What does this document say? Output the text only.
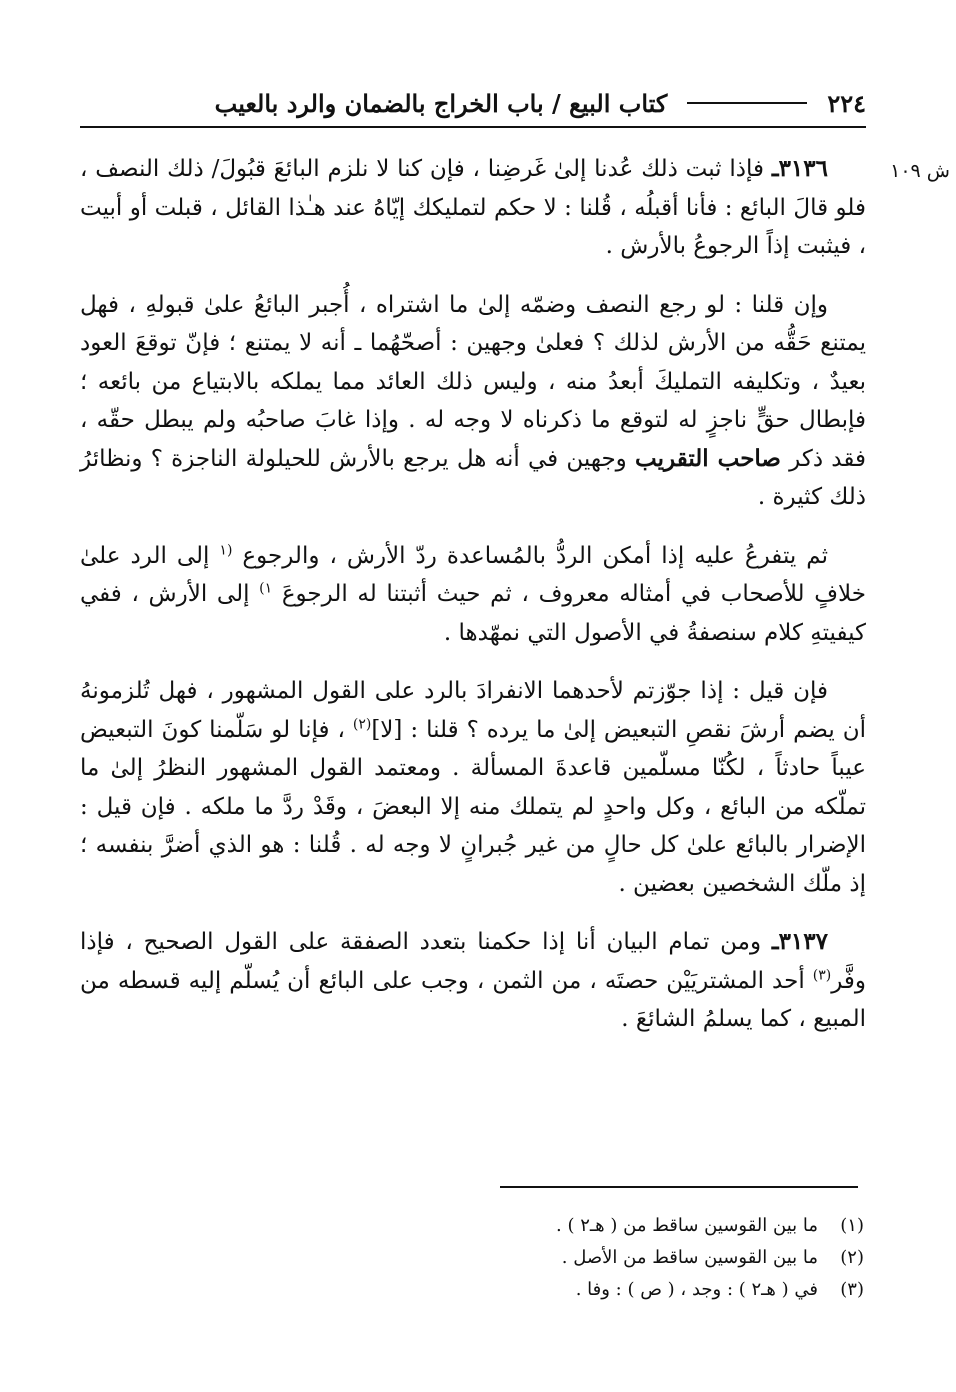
٢٢٤
كتاب البيع / باب الخراج بالضمان والرد بالعيب
ش ١٠٩

٣١٣٦ـ فإذا ثبت ذلك عُدنا إلىٰ غَرضِنا ، فإن كنا لا نلزم البائعَ قبُولَ/ ذلك النصف ، فلو قالَ البائع : فأنا أقبلُه ، قُلنا : لا حكم لتمليكك إيّاهُ عند هـٰذا القائل ، قبلت أو أبيت ، فيثبت إذاً الرجوعُ بالأرش .

وإن قلنا : لو رجع النصف وضمّه إلىٰ ما اشتراه ، أُجبر البائعُ علىٰ قبولهِ ، فهل يمتنع حَقُّه من الأرش لذلك ؟ فعلىٰ وجهين : أصحّهُما ـ أنه لا يمتنع ؛ فإنّ توقعَ العود بعيدٌ ، وتكليفه التمليكَ أبعدُ منه ، وليس ذلك العائد مما يملكه بالابتياع من بائعه ؛ فإبطال حقٍّ ناجزٍ له لتوقع ما ذكرناه لا وجه له . وإذا غابَ صاحبُه ولم يبطل حقّه ، فقد ذكر صاحب التقريب وجهين في أنه هل يرجع بالأرش للحيلولة الناجزة ؟ ونظائرُ ذلك كثيرة .

ثم يتفرعُ عليه إذا أمكن الردُّ بالمُساعدة ردّ الأرش ، والرجوع $^{(١}$ إلى الرد علىٰ خلافٍ للأصحاب في أمثاله معروف ، ثم حيث أثبتنا له الرجوعَ $^{١)}$ إلى الأرش ، ففي كيفيتهِ كلام سنصفةُ في الأصول التي نمهّدها .

فإن قيل : إذا جوّزتم لأحدهما الانفرادَ بالرد على القول المشهور ، فهل تُلزمونهُ أن يضم أرشَ نقصِ التبعيض إلىٰ ما يرده ؟ قلنا : [لا]$^{(٢)}$ ، فإنا لو سَلّمنا كونَ التبعيض عيباً حادثاً ، لكُنّا مسلّمين قاعدةَ المسألة . ومعتمد القول المشهور النظرُ إلىٰ ما تملّكه من البائع ، وكل واحدٍ لم يتملك منه إلا البعضَ ، وقَدْ ردَّ ما ملكه . فإن قيل : الإضرار بالبائع علىٰ كل حالٍ من غير جُبرانٍ لا وجه له . قُلنا : هو الذي أضرَّ بنفسه ؛ إذ ملّك الشخصين بعضين .

٣١٣٧ـ ومن تمام البيان أنا إذا حكمنا بتعدد الصفقة على القول الصحيح ، فإذا وفَّر$^{(٣)}$ أحد المشتريَيْن حصتَه ، من الثمن ، وجب على البائع أن يُسلّم إليه قسطه من المبيع ، كما يسلمُ الشائعَ .

(١)
ما بين القوسين ساقط من ( هـ٢ ) .
(٢)
ما بين القوسين ساقط من الأصل .
(٣)
في ( هـ٢ ) : وجد ، ( ص ) : وفا .
